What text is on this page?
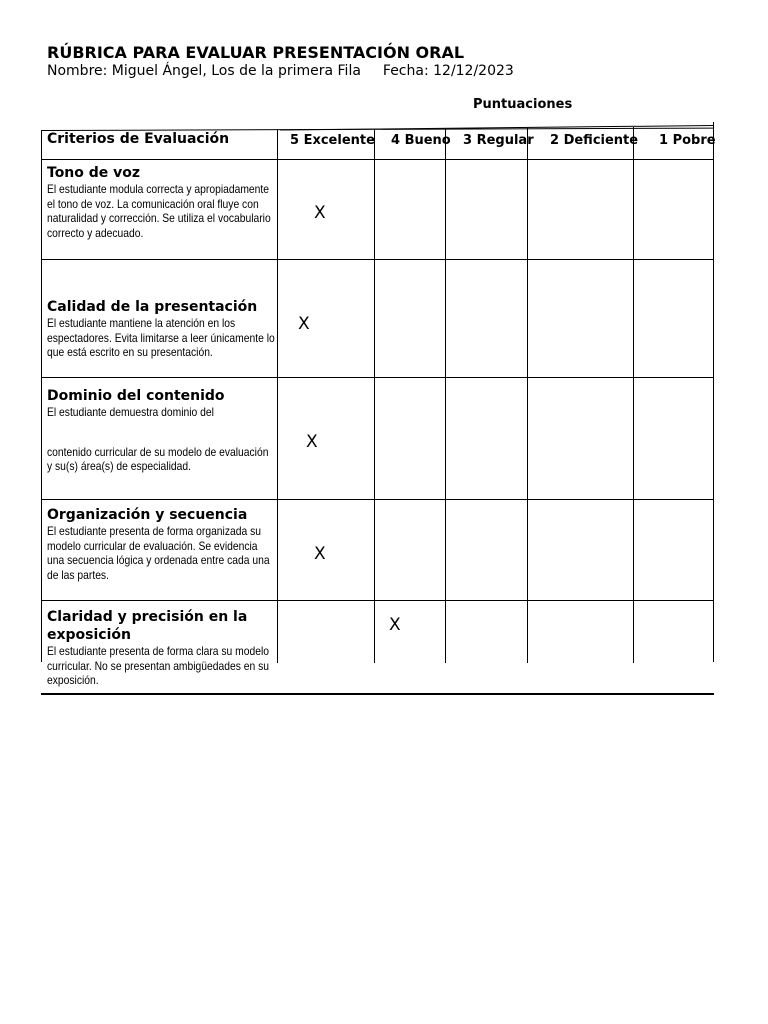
RÚBRICA PARA EVALUAR PRESENTACIÓN ORAL
Nombre: Miguel Ángel, Los de la primera Fila Fecha: 12/12/2023
Puntuaciones
Criterios de Evaluación	5 Excelente 4 Bueno 3 Regular 2 Deficiente 1 Pobre
Tono de voz
El estudiante modula correcta y apropiadamente el tono de voz. La comunicación oral fluye con naturalidad y corrección. Se utiliza el vocabulario correcto y adecuado.
X
Calidad de la presentación
El estudiante mantiene la atención en los espectadores. Evita limitarse a leer únicamente lo que está escrito en su presentación.
X
Dominio del contenido
El estudiante demuestra dominio del
contenido curricular de su modelo de evaluación y su(s) área(s) de especialidad.
X
Organización y secuencia
El estudiante presenta de forma organizada su modelo curricular de evaluación. Se evidencia una secuencia lógica y ordenada entre cada una de las partes.
X
Claridad y precisión en la exposición
El estudiante presenta de forma clara su modelo curricular. No se presentan ambigüedades en su exposición.
X
